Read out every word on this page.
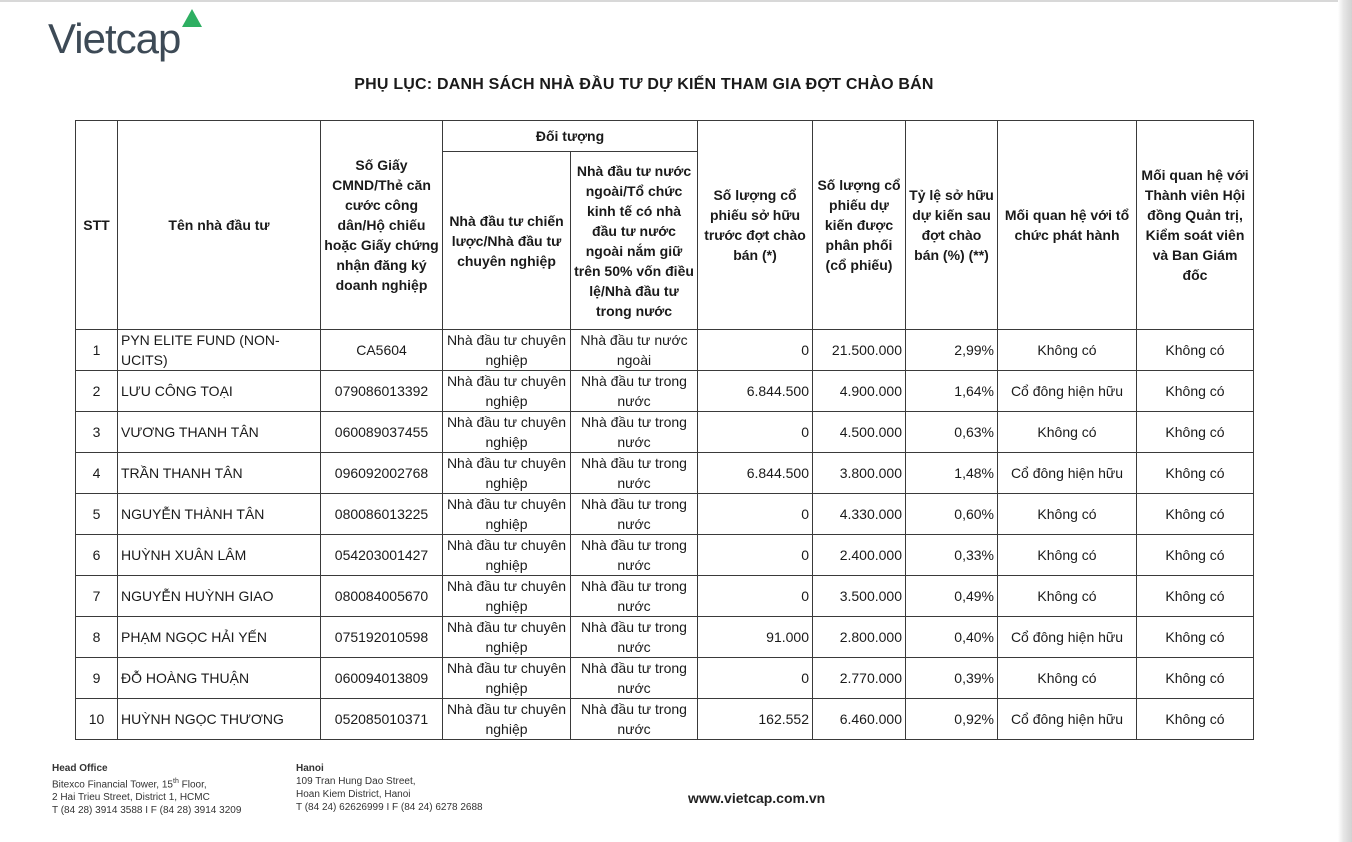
Vietcap
PHỤ LỤC: DANH SÁCH NHÀ ĐẦU TƯ DỰ KIẾN THAM GIA ĐỢT CHÀO BÁN
STT	Tên nhà đầu tư	Số Giấy CMND/Thẻ căn cước công dân/Hộ chiếu hoặc Giấy chứng nhận đăng ký doanh nghiệp	Đối tượng		Số lượng cổ phiếu sở hữu trước đợt chào bán (*)	Số lượng cổ phiếu dự kiến được phân phối (cổ phiếu)	Tỷ lệ sở hữu dự kiến sau đợt chào bán (%) (**)	Mối quan hệ với tổ chức phát hành	Mối quan hệ với Thành viên Hội đồng Quản trị, Kiểm soát viên và Ban Giám đốc
			Nhà đầu tư chiến lược/Nhà đầu tư chuyên nghiệp	Nhà đầu tư nước ngoài/Tổ chức kinh tế có nhà đầu tư nước ngoài nắm giữ trên 50% vốn điều lệ/Nhà đầu tư trong nước					
1	PYN ELITE FUND (NON-UCITS)	CA5604	Nhà đầu tư chuyên nghiệp	Nhà đầu tư nước ngoài	0	21.500.000	2,99%	Không có	Không có
2	LƯU CÔNG TOẠI	079086013392	Nhà đầu tư chuyên nghiệp	Nhà đầu tư trong nước	6.844.500	4.900.000	1,64%	Cổ đông hiện hữu	Không có
3	VƯƠNG THANH TÂN	060089037455	Nhà đầu tư chuyên nghiệp	Nhà đầu tư trong nước	0	4.500.000	0,63%	Không có	Không có
4	TRẦN THANH TÂN	096092002768	Nhà đầu tư chuyên nghiệp	Nhà đầu tư trong nước	6.844.500	3.800.000	1,48%	Cổ đông hiện hữu	Không có
5	NGUYỄN THÀNH TÂN	080086013225	Nhà đầu tư chuyên nghiệp	Nhà đầu tư trong nước	0	4.330.000	0,60%	Không có	Không có
6	HUỲNH XUÂN LÂM	054203001427	Nhà đầu tư chuyên nghiệp	Nhà đầu tư trong nước	0	2.400.000	0,33%	Không có	Không có
7	NGUYỄN HUỲNH GIAO	080084005670	Nhà đầu tư chuyên nghiệp	Nhà đầu tư trong nước	0	3.500.000	0,49%	Không có	Không có
8	PHẠM NGỌC HẢI YẾN	075192010598	Nhà đầu tư chuyên nghiệp	Nhà đầu tư trong nước	91.000	2.800.000	0,40%	Cổ đông hiện hữu	Không có
9	ĐỖ HOÀNG THUẬN	060094013809	Nhà đầu tư chuyên nghiệp	Nhà đầu tư trong nước	0	2.770.000	0,39%	Không có	Không có
10	HUỲNH NGỌC THƯƠNG	052085010371	Nhà đầu tư chuyên nghiệp	Nhà đầu tư trong nước	162.552	6.460.000	0,92%	Cổ đông hiện hữu	Không có
Head Office
Bitexco Financial Tower, 15th Floor,
2 Hai Trieu Street, District 1, HCMC
T (84 28) 3914 3588 I F (84 28) 3914 3209
Hanoi
109 Tran Hung Dao Street,
Hoan Kiem District, Hanoi
T (84 24) 62626999 I F (84 24) 6278 2688
www.vietcap.com.vn
